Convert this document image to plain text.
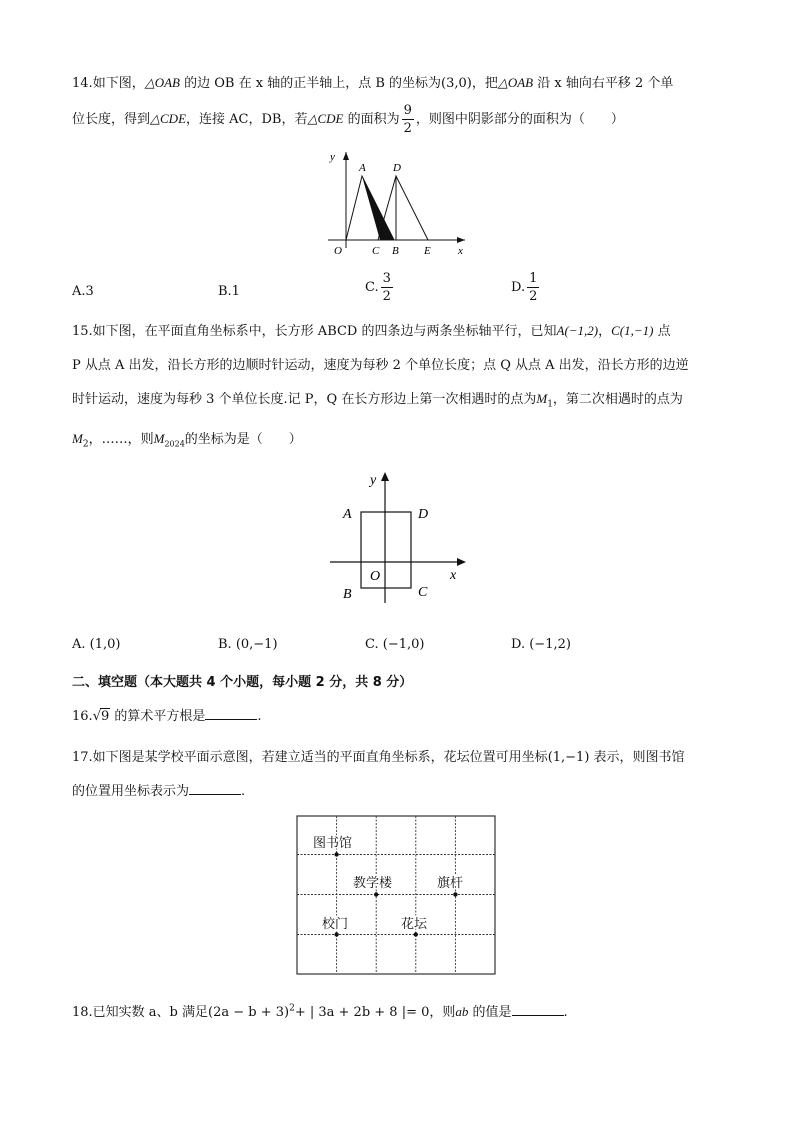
14.如下图，△OAB 的边 OB 在 x 轴的正半轴上，点 B 的坐标为(3,0)，把△OAB 沿 x 轴向右平移 2 个单
位长度，得到△CDE，连接 AC，DB，若△CDE 的面积为 $\frac{9}{2}$ ，则图中阴影部分的面积为（　　）
y
x
O
A D
C B E
A.3	B.1	C. $\frac{3}{2}$	D. $\frac{1}{2}$
15.如下图，在平面直角坐标系中，长方形 ABCD 的四条边与两条坐标轴平行，已知A(−1,2)，C(1,−1) 点
P 从点 A 出发，沿长方形的边顺时针运动，速度为每秒 2 个单位长度；点 Q 从点 A 出发，沿长方形的边逆
时针运动，速度为每秒 3 个单位长度.记 P，Q 在长方形边上第一次相遇时的点为$M_1$，第二次相遇时的点为
$M_2$，……，则$M_{2024}$的坐标为是（　　）
y
x
O
A	D
B	C
A. (1,0)	B. (0,−1)	C. (−1,0)	D. (−1,2)
二、填空题（本大题共 4 个小题，每小题 2 分，共 8 分）
16.√9 的算术平方根是	.
17.如下图是某学校平面示意图，若建立适当的平面直角坐标系，花坛位置可用坐标(1,−1) 表示，则图书馆
的位置用坐标表示为	.
图书馆
教学楼	旗杆
校门	花坛
18.已知实数 a、b 满足$(2a - b + 3)^2+$ | 3a + 2b + 8 |= 0，则ab 的值是	.
